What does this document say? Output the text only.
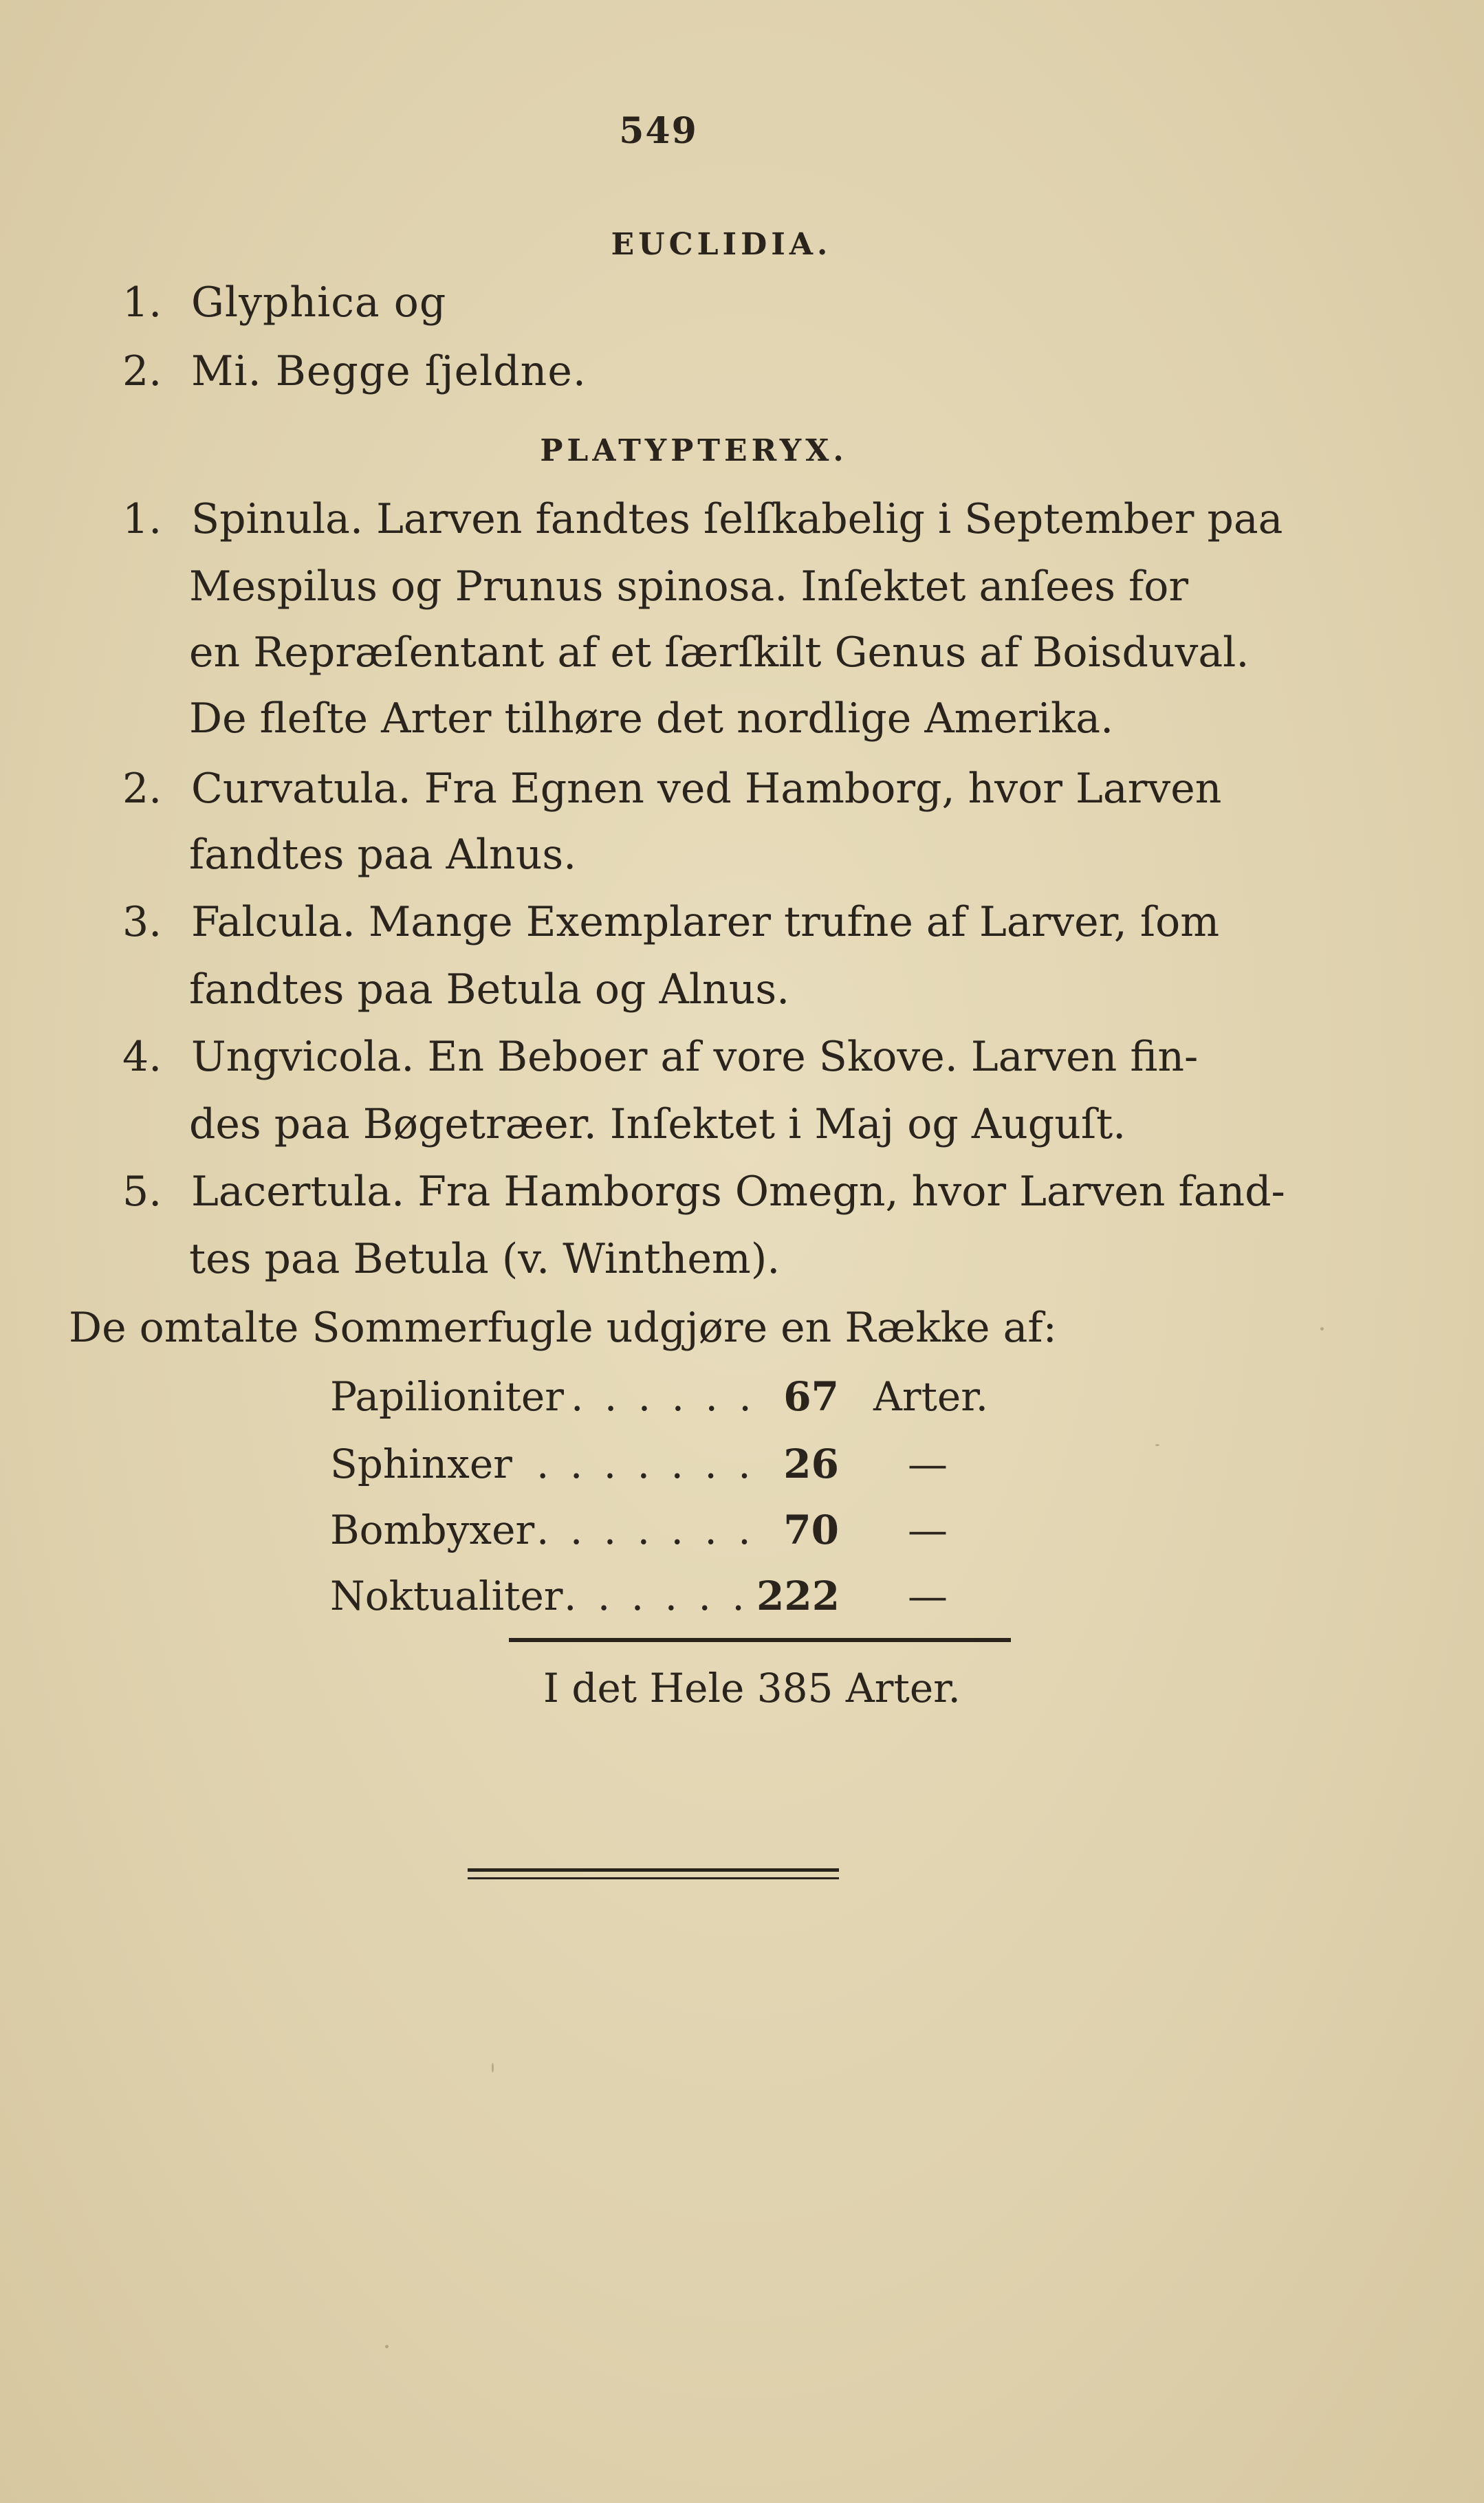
549
EUCLIDIA.
1. Glyphica og
2. Mi. Begge ſjeldne.
PLATYPTERYX.
1. Spinula. Larven fandtes ſelſkabelig i September paa
Mespilus og Prunus spinosa. Inſektet anſees for
en Repræſentant af et ſærſkilt Genus af Boisduval.
De fleſte Arter tilhøre det nordlige Amerika.
2. Curvatula. Fra Egnen ved Hamborg, hvor Larven
fandtes paa Alnus.
3. Falcula. Mange Exemplarer trufne af Larver, ſom
fandtes paa Betula og Alnus.
4. Ungvicola. En Beboer af vore Skove. Larven fin-
des paa Bøgetræer. Inſektet i Maj og Auguſt.
5. Lacertula. Fra Hamborgs Omegn, hvor Larven fand-
tes paa Betula (v. Winthem).
De omtalte Sommerfugle udgjøre en Række af:
Papilioniter . . . . . . 67 Arter.
Sphinxer . . . . . . . 26 —
Bombyxer . . . . . . . 70 —
Noktualiter . . . . . . 222 —
I det Hele 385 Arter.
